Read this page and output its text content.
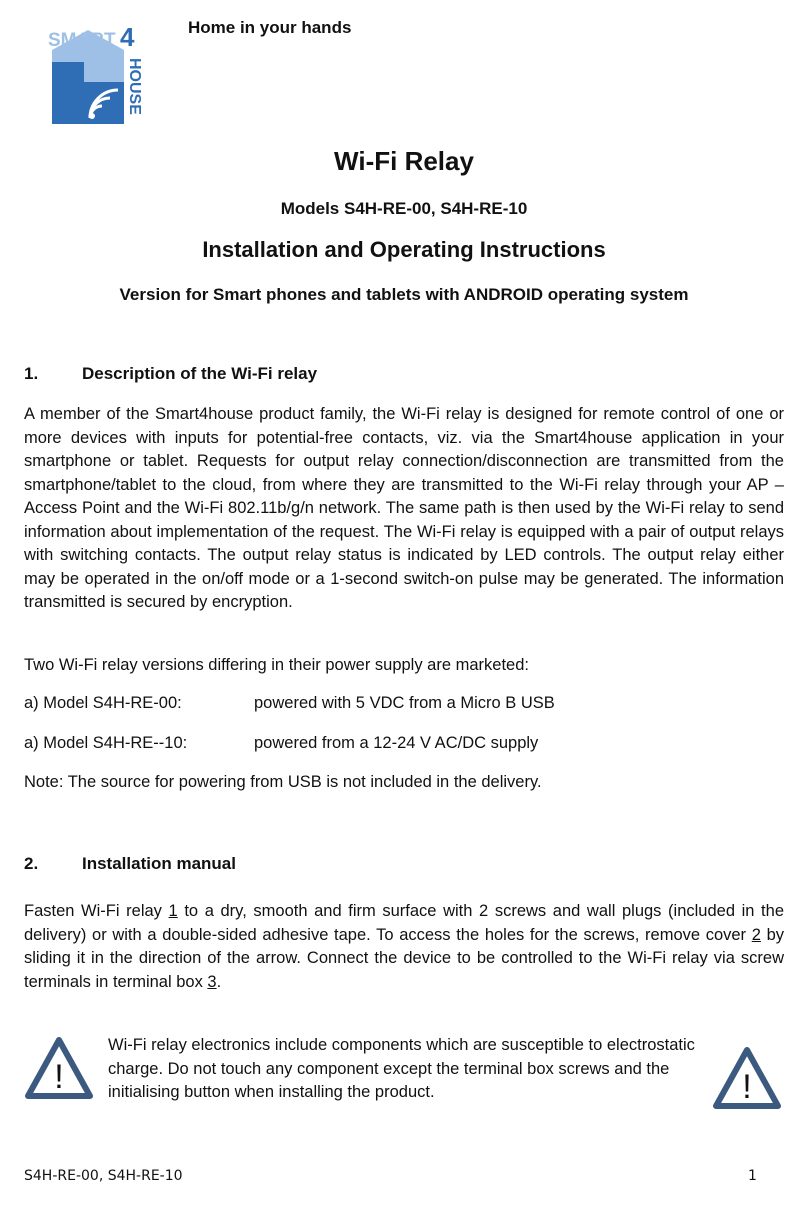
SMART 4
HOUSE
Home in your hands
Wi-Fi Relay
Models S4H-RE-00, S4H-RE-10
Installation and Operating Instructions
Version for Smart phones and tablets with ANDROID operating system
1.	Description of the Wi-Fi relay
A member of the Smart4house product family, the Wi-Fi relay is designed for remote control of one or more devices with inputs for potential-free contacts, viz. via the Smart4house application in your smartphone or tablet. Requests for output relay connection/disconnection are transmitted from the smartphone/tablet to the cloud, from where they are transmitted to the Wi-Fi relay through your AP – Access Point and the Wi-Fi 802.11b/g/n network. The same path is then used by the Wi-Fi relay to send information about implementation of the request. The Wi-Fi relay is equipped with a pair of output relays with switching contacts. The output relay status is indicated by LED controls. The output relay either may be operated in the on/off mode or a 1-second switch-on pulse may be generated. The information transmitted is secured by encryption.
Two Wi-Fi relay versions differing in their power supply are marketed:
a) Model S4H-RE-00:	powered with 5 VDC from a Micro B USB
a) Model S4H-RE--10:	powered from a 12-24 V AC/DC supply
Note: The source for powering from USB is not included in the delivery.
2.	Installation manual
Fasten Wi-Fi relay 1 to a dry, smooth and firm surface with 2 screws and wall plugs (included in the delivery) or with a double-sided adhesive tape. To access the holes for the screws, remove cover 2 by sliding it in the direction of the arrow. Connect the device to be controlled to the Wi-Fi relay via screw terminals in terminal box 3.
!
Wi-Fi relay electronics include components which are susceptible to electrostatic charge. Do not touch any component except the terminal box screws and the initialising button when installing the product.	!
S4H-RE-00, S4H-RE-10	1
